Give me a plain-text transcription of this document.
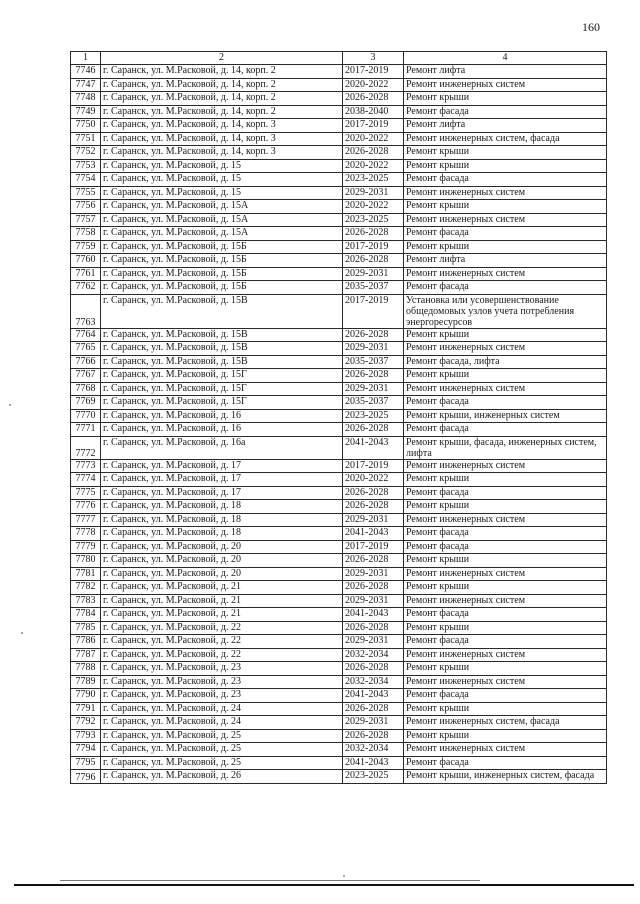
160
1	2	3	4
7746	г. Саранск, ул. М.Расковой, д. 14, корп. 2	2017-2019	Ремонт лифта
7747	г. Саранск, ул. М.Расковой, д. 14, корп. 2	2020-2022	Ремонт инженерных систем
7748	г. Саранск, ул. М.Расковой, д. 14, корп. 2	2026-2028	Ремонт крыши
7749	г. Саранск, ул. М.Расковой, д. 14, корп. 2	2038-2040	Ремонт фасада
7750	г. Саранск, ул. М.Расковой, д. 14, корп. 3	2017-2019	Ремонт лифта
7751	г. Саранск, ул. М.Расковой, д. 14, корп. 3	2020-2022	Ремонт инженерных систем, фасада
7752	г. Саранск, ул. М.Расковой, д. 14, корп. 3	2026-2028	Ремонт крыши
7753	г. Саранск, ул. М.Расковой, д. 15	2020-2022	Ремонт крыши
7754	г. Саранск, ул. М.Расковой, д. 15	2023-2025	Ремонт фасада
7755	г. Саранск, ул. М.Расковой, д. 15	2029-2031	Ремонт инженерных систем
7756	г. Саранск, ул. М.Расковой, д. 15А	2020-2022	Ремонт крыши
7757	г. Саранск, ул. М.Расковой, д. 15А	2023-2025	Ремонт инженерных систем
7758	г. Саранск, ул. М.Расковой, д. 15А	2026-2028	Ремонт фасада
7759	г. Саранск, ул. М.Расковой, д. 15Б	2017-2019	Ремонт крыши
7760	г. Саранск, ул. М.Расковой, д. 15Б	2026-2028	Ремонт лифта
7761	г. Саранск, ул. М.Расковой, д. 15Б	2029-2031	Ремонт инженерных систем
7762	г. Саранск, ул. М.Расковой, д. 15Б	2035-2037	Ремонт фасада
7763	г. Саранск, ул. М.Расковой, д. 15В	2017-2019	Установка или усовершенствование общедомовых узлов учета потребления энергоресурсов
7764	г. Саранск, ул. М.Расковой, д. 15В	2026-2028	Ремонт крыши
7765	г. Саранск, ул. М.Расковой, д. 15В	2029-2031	Ремонт инженерных систем
7766	г. Саранск, ул. М.Расковой, д. 15В	2035-2037	Ремонт фасада, лифта
7767	г. Саранск, ул. М.Расковой, д. 15Г	2026-2028	Ремонт крыши
7768	г. Саранск, ул. М.Расковой, д. 15Г	2029-2031	Ремонт инженерных систем
7769	г. Саранск, ул. М.Расковой, д. 15Г	2035-2037	Ремонт фасада
7770	г. Саранск, ул. М.Расковой, д. 16	2023-2025	Ремонт крыши, инженерных систем
7771	г. Саранск, ул. М.Расковой, д. 16	2026-2028	Ремонт фасада
7772	г. Саранск, ул. М.Расковой, д. 16а	2041-2043	Ремонт крыши, фасада, инженерных систем, лифта
7773	г. Саранск, ул. М.Расковой, д. 17	2017-2019	Ремонт инженерных систем
7774	г. Саранск, ул. М.Расковой, д. 17	2020-2022	Ремонт крыши
7775	г. Саранск, ул. М.Расковой, д. 17	2026-2028	Ремонт фасада
7776	г. Саранск, ул. М.Расковой, д. 18	2026-2028	Ремонт крыши
7777	г. Саранск, ул. М.Расковой, д. 18	2029-2031	Ремонт инженерных систем
7778	г. Саранск, ул. М.Расковой, д. 18	2041-2043	Ремонт фасада
7779	г. Саранск, ул. М.Расковой, д. 20	2017-2019	Ремонт фасада
7780	г. Саранск, ул. М.Расковой, д. 20	2026-2028	Ремонт крыши
7781	г. Саранск, ул. М.Расковой, д. 20	2029-2031	Ремонт инженерных систем
7782	г. Саранск, ул. М.Расковой, д. 21	2026-2028	Ремонт крыши
7783	г. Саранск, ул. М.Расковой, д. 21	2029-2031	Ремонт инженерных систем
7784	г. Саранск, ул. М.Расковой, д. 21	2041-2043	Ремонт фасада
7785	г. Саранск, ул. М.Расковой, д. 22	2026-2028	Ремонт крыши
7786	г. Саранск, ул. М.Расковой, д. 22	2029-2031	Ремонт фасада
7787	г. Саранск, ул. М.Расковой, д. 22	2032-2034	Ремонт инженерных систем
7788	г. Саранск, ул. М.Расковой, д. 23	2026-2028	Ремонт крыши
7789	г. Саранск, ул. М.Расковой, д. 23	2032-2034	Ремонт инженерных систем
7790	г. Саранск, ул. М.Расковой, д. 23	2041-2043	Ремонт фасада
7791	г. Саранск, ул. М.Расковой, д. 24	2026-2028	Ремонт крыши
7792	г. Саранск, ул. М.Расковой, д. 24	2029-2031	Ремонт инженерных систем, фасада
7793	г. Саранск, ул. М.Расковой, д. 25	2026-2028	Ремонт крыши
7794	г. Саранск, ул. М.Расковой, д. 25	2032-2034	Ремонт инженерных систем
7795	г. Саранск, ул. М.Расковой, д. 25	2041-2043	Ремонт фасада
7796	г. Саранск, ул. М.Расковой, д. 26	2023-2025	Ремонт крыши, инженерных систем, фасада
